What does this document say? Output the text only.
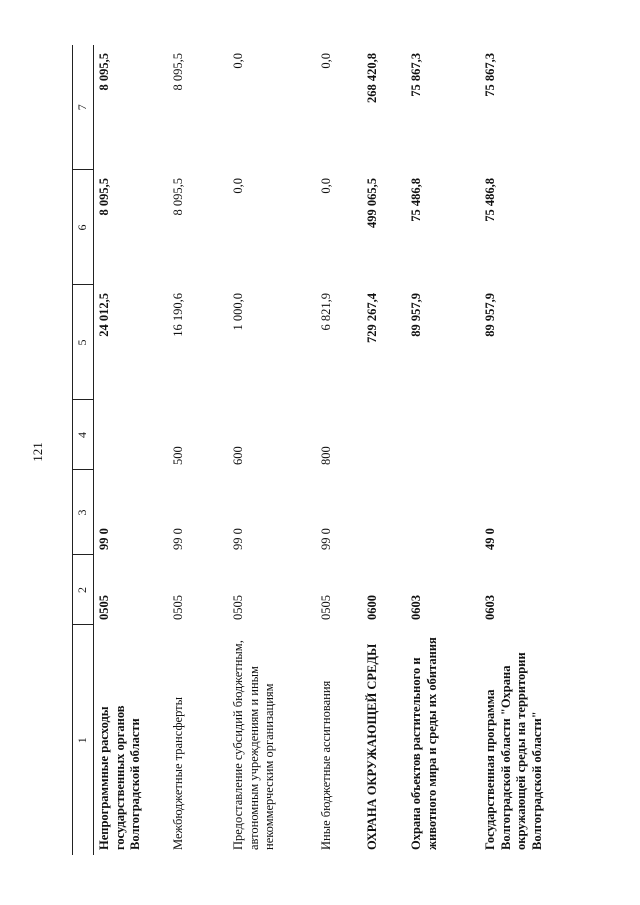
121
1	2	3	4	5	6	7
Непрограммные расходы государственных органов Волгоградской области	0505	99 0		24 012,5	8 095,5	8 095,5
Межбюджетные трансферты	0505	99 0	500	16 190,6	8 095,5	8 095,5
Предоставление субсидий бюджетным, автономным учреждениям и иным некоммерческим организациям	0505	99 0	600	1 000,0	0,0	0,0
Иные бюджетные ассигнования	0505	99 0	800	6 821,9	0,0	0,0
ОХРАНА ОКРУЖАЮЩЕЙ СРЕДЫ	0600			729 267,4	499 065,5	268 420,8
Охрана объектов растительного и животного мира и среды их обитания	0603			89 957,9	75 486,8	75 867,3
Государственная программа Волгоградской области "Охрана окружающей среды на территории Волгоградской области"	0603	49 0		89 957,9	75 486,8	75 867,3
